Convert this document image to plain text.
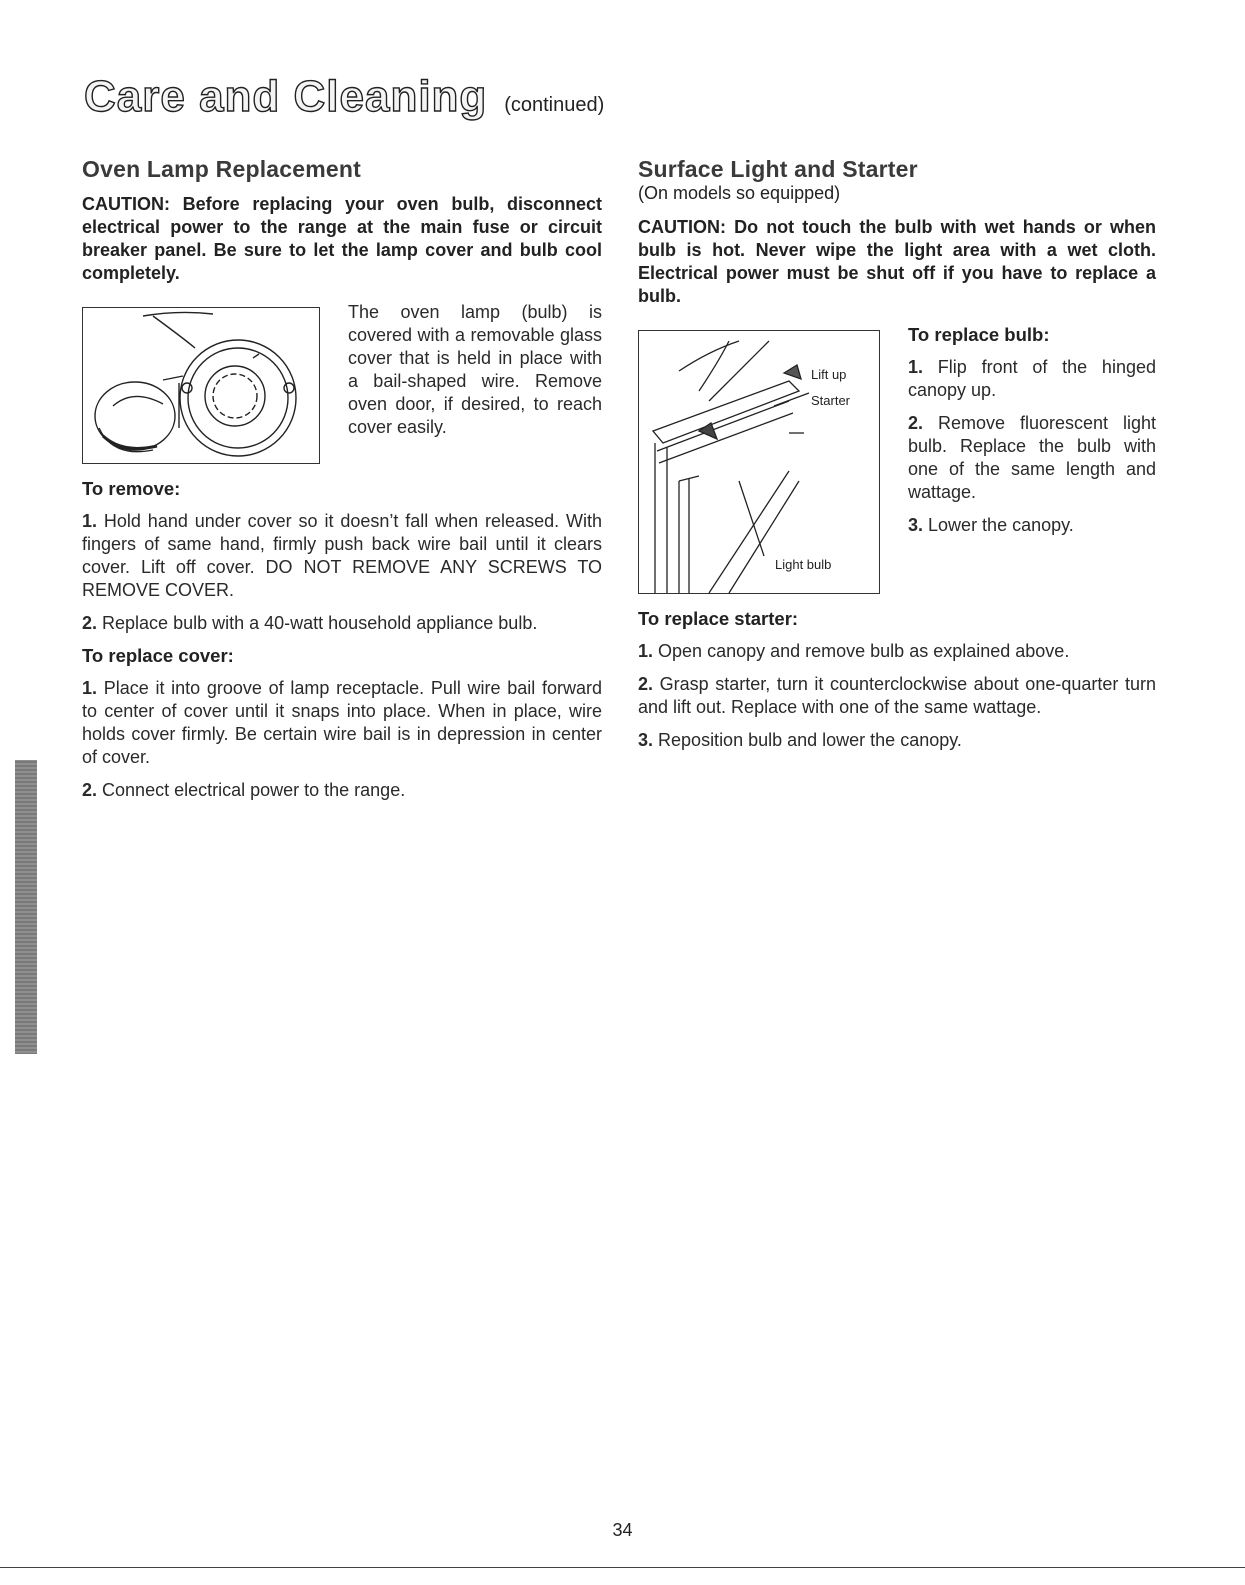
Care and Cleaning (continued)
Oven Lamp Replacement

CAUTION: Before replacing your oven bulb, disconnect electrical power to the range at the main fuse or circuit breaker panel. Be sure to let the lamp cover and bulb cool completely.

The oven lamp (bulb) is covered with a removable glass cover that is held in place with a bail-shaped wire. Remove oven door, if desired, to reach cover easily.

To remove:

1. Hold hand under cover so it doesn’t fall when released. With fingers of same hand, firmly push back wire bail until it clears cover. Lift off cover. DO NOT REMOVE ANY SCREWS TO REMOVE COVER.

2. Replace bulb with a 40-watt household appliance bulb.

To replace cover:

1. Place it into groove of lamp receptacle. Pull wire bail forward to center of cover until it snaps into place. When in place, wire holds cover firmly. Be certain wire bail is in depression in center of cover.

2. Connect electrical power to the range.

Surface Light and Starter

(On models so equipped)

CAUTION: Do not touch the bulb with wet hands or when bulb is hot. Never wipe the light area with a wet cloth. Electrical power must be shut off if you have to replace a bulb.

Lift up
Starter
Light bulb
To replace bulb:

1. Flip front of the hinged canopy up.

2. Remove fluorescent light bulb. Replace the bulb with one of the same length and wattage.

3. Lower the canopy.

To replace starter:

1. Open canopy and remove bulb as explained above.

2. Grasp starter, turn it counterclockwise about one-quarter turn and lift out. Replace with one of the same wattage.

3. Reposition bulb and lower the canopy.

34
